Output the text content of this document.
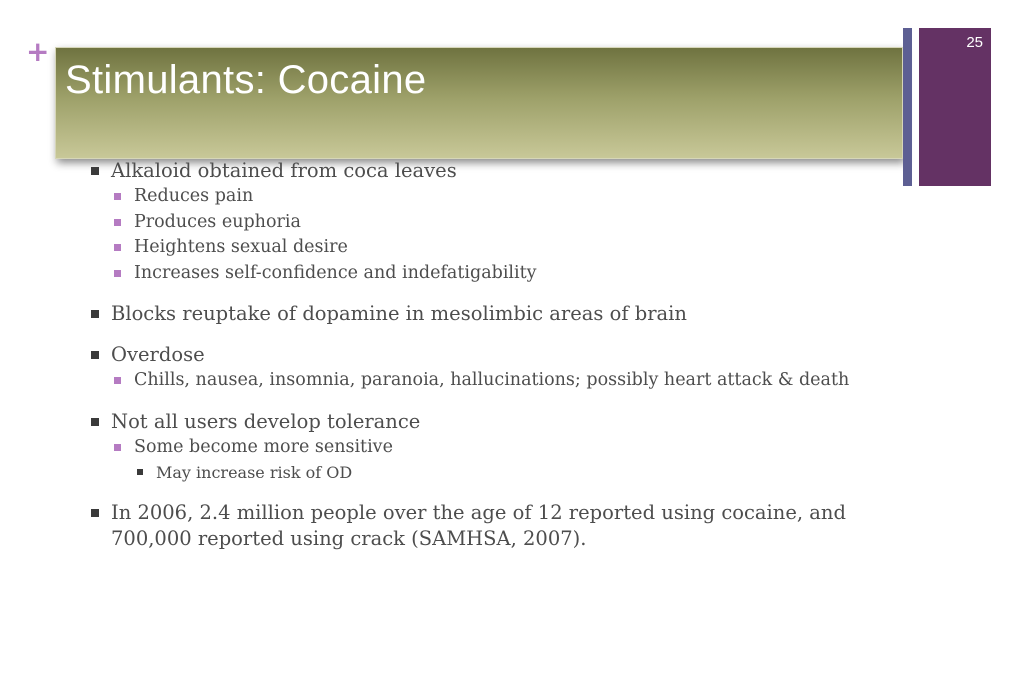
+
Stimulants: Cocaine
25
Alkaloid obtained from coca leaves
Reduces pain
Produces euphoria
Heightens sexual desire
Increases self-confidence and indefatigability
Blocks reuptake of dopamine in mesolimbic areas of brain
Overdose
Chills, nausea, insomnia, paranoia, hallucinations; possibly heart attack & death
Not all users develop tolerance
Some become more sensitive
May increase risk of OD
In 2006, 2.4 million people over the age of 12 reported using cocaine, and 700,000 reported using crack (SAMHSA, 2007).
